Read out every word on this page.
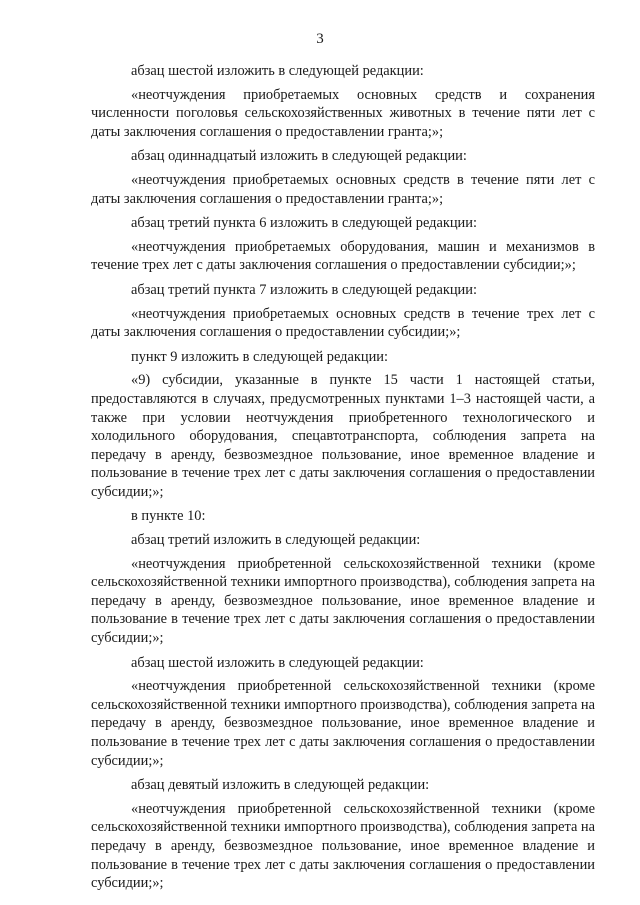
3

абзац шестой изложить в следующей редакции:

«неотчуждения приобретаемых основных средств и сохранения численности поголовья сельскохозяйственных животных в течение пяти лет с даты заключения соглашения о предоставлении гранта;»;

абзац одиннадцатый изложить в следующей редакции:

«неотчуждения приобретаемых основных средств в течение пяти лет с даты заключения соглашения о предоставлении гранта;»;

абзац третий пункта 6 изложить в следующей редакции:

«неотчуждения приобретаемых оборудования, машин и механизмов в течение трех лет с даты заключения соглашения о предоставлении субсидии;»;

абзац третий пункта 7 изложить в следующей редакции:

«неотчуждения приобретаемых основных средств в течение трех лет с даты заключения соглашения о предоставлении субсидии;»;

пункт 9 изложить в следующей редакции:

«9) субсидии, указанные в пункте 15 части 1 настоящей статьи, предоставляются в случаях, предусмотренных пунктами 1–3 настоящей части, а также при условии неотчуждения приобретенного технологического и холодильного оборудования, спецавтотранспорта, соблюдения запрета на передачу в аренду, безвозмездное пользование, иное временное владение и пользование в течение трех лет с даты заключения соглашения о предоставлении субсидии;»;

в пункте 10:

абзац третий изложить в следующей редакции:

«неотчуждения приобретенной сельскохозяйственной техники (кроме сельскохозяйственной техники импортного производства), соблюдения запрета на передачу в аренду, безвозмездное пользование, иное временное владение и пользование в течение трех лет с даты заключения соглашения о предоставлении субсидии;»;

абзац шестой изложить в следующей редакции:

«неотчуждения приобретенной сельскохозяйственной техники (кроме сельскохозяйственной техники импортного производства), соблюдения запрета на передачу в аренду, безвозмездное пользование, иное временное владение и пользование в течение трех лет с даты заключения соглашения о предоставлении субсидии;»;

абзац девятый изложить в следующей редакции:

«неотчуждения приобретенной сельскохозяйственной техники (кроме сельскохозяйственной техники импортного производства), соблюдения запрета на передачу в аренду, безвозмездное пользование, иное временное владение и пользование в течение трех лет с даты заключения соглашения о предоставлении субсидии;»;
